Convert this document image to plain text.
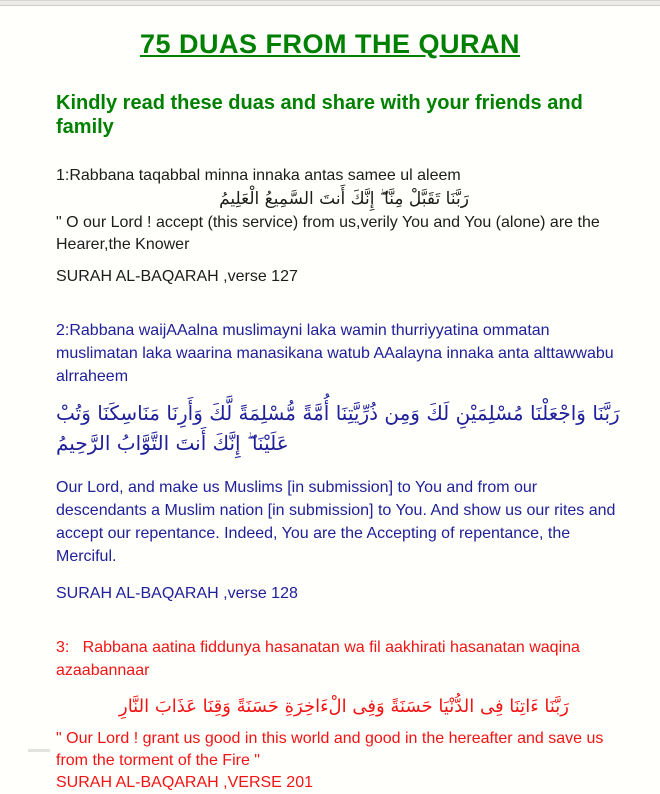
75 DUAS FROM THE QURAN
Kindly read these duas and share with your friends and family

1:Rabbana taqabbal minna innaka antas samee ul aleem

رَبَّنَا تَقَبَّلْ مِنَّا ۖ إِنَّكَ أَنتَ السَّمِيعُ الْعَلِيمُ

" O our Lord ! accept (this service) from us,verily You and You (alone) are the Hearer,the Knower

SURAH AL-BAQARAH ,verse 127

2:Rabbana waijAAalna muslimayni laka wamin thurriyyatina ommatan muslimatan laka waarina manasikana watub AAalayna innaka anta alttawwabu alrraheem

رَبَّنَا وَاجْعَلْنَا مُسْلِمَيْنِ لَكَ وَمِن ذُرِّيَّتِنَا أُمَّةً مُّسْلِمَةً لَّكَ وَأَرِنَا مَنَاسِكَنَا وَتُبْ عَلَيْنَا ۖ إِنَّكَ أَنتَ التَّوَّابُ الرَّحِيمُ

Our Lord, and make us Muslims [in submission] to You and from our descendants a Muslim nation [in submission] to You. And show us our rites and accept our repentance. Indeed, You are the Accepting of repentance, the Merciful.

SURAH AL-BAQARAH ,verse 128

3:   Rabbana aatina fiddunya hasanatan wa fil aakhirati hasanatan waqina azaabannaar

رَبَّنَا ءَاتِنَا فِى الدُّنْيَا حَسَنَةً وَفِى الْءَاخِرَةِ حَسَنَةً وَقِنَا عَذَابَ النَّارِ

" Our Lord ! grant us good in this world and good in the hereafter and save us from the torment of the Fire "

SURAH AL-BAQARAH ,VERSE 201
